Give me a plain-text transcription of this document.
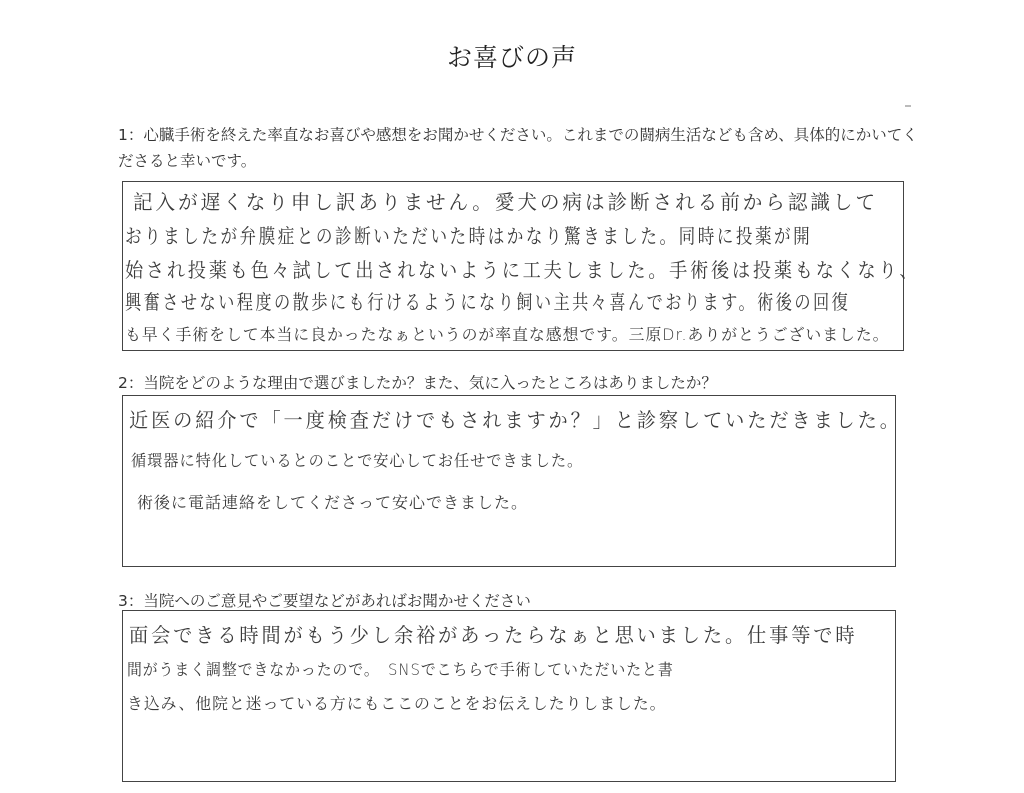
お喜びの声
1：心臓手術を終えた率直なお喜びや感想をお聞かせください。これまでの闘病生活なども含め、具体的にかいてくださると幸いです。
記入が遅くなり申し訳ありません。愛犬の病は診断される前から認識して
おりましたが弁膜症との診断いただいた時はかなり驚きました。同時に投薬が開
始され投薬も色々試して出されないように工夫しました。手術後は投薬もなくなり、
興奮させない程度の散歩にも行けるようになり飼い主共々喜んでおります。術後の回復
も早く手術をして本当に良かったなぁというのが率直な感想です。三原Dr.ありがとうございました。
2：当院をどのような理由で選びましたか？また、気に入ったところはありましたか？
近医の紹介で「一度検査だけでもされますか？」と診察していただきました。
循環器に特化しているとのことで安心してお任せできました。
術後に電話連絡をしてくださって安心できました。
3：当院へのご意見やご要望などがあればお聞かせください
面会できる時間がもう少し余裕があったらなぁと思いました。仕事等で時
間がうまく調整できなかったので。　SNSでこちらで手術していただいたと書
き込み、他院と迷っている方にもここのことをお伝えしたりしました。
